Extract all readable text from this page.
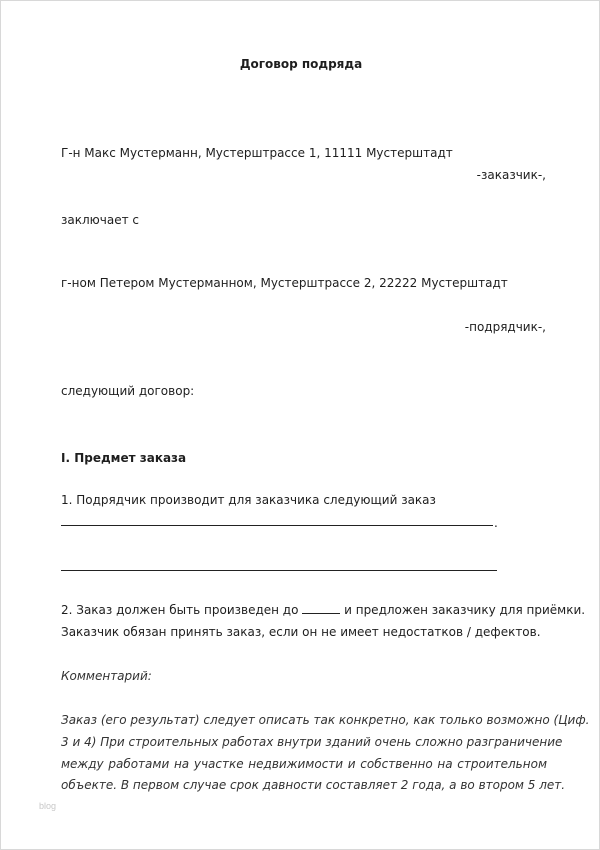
Договор подряда
Г-н Макс Мустерманн, Мустерштрассе 1, 11111 Мустерштадт
-заказчик-,
заключает с
г-ном Петером Мустерманном, Мустерштрассе 2, 22222 Мустерштадт
-подрядчик-,
следующий договор:
I. Предмет заказа
1. Подрядчик производит для заказчика следующий заказ
.
2. Заказ должен быть произведен до	и предложен заказчику для приёмки.
Заказчик обязан принять заказ, если он не имеет недостатков / дефектов.
Комментарий:
Заказ (его результат) следует описать так конкретно, как только возможно (Циф.
3 и 4) При строительных работах внутри зданий очень сложно разграничение
между работами на участке недвижимости и собственно на строительном
объекте. В первом случае срок давности составляет 2 года, а во втором 5 лет.
blog
